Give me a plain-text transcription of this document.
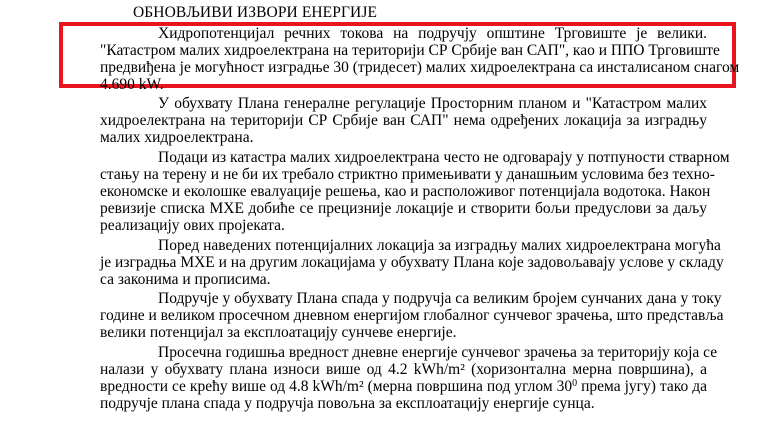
ОБНОВЉИВИ ИЗВОРИ ЕНЕРГИЈЕ
Хидропотенцијал речних токова на подручју општине Трговиште је велики.
"Катастром малих хидроелектрана на територији СР Србије ван САП", као и ППО Трговиште
предвиђена је могућност изградње 30 (тридесет) малих хидроелектрана са инсталисаном снагом
4.690 kW.
У обухвату Плана генералне регулације Просторним планом и "Катастром малих
хидроелектрана на територији СР Србије ван САП" нема одређених локација за изградњу
малих хидроелектрана.
Подаци из катастра малих хидроелектрана често не одговарају у потпуности стварном
стању на терену и не би их требало стриктно примењивати у данашњим условима без техно-
економске и еколошке евалуације решења, као и расположивог потенцијала водотока. Након
ревизије списка МХЕ добиће се прецизније локације и створити бољи предуслови за даљу
реализацију ових пројеката.
Поред наведених потенцијалних локација за изградњу малих хидроелектрана могућа
је изградња МХЕ и на другим локацијама у обухвату Плана које задовољавају услове у складу
са законима и прописима.
Подручје у обухвату Плана спада у подручја са великим бројем сунчаних дана у току
године и великом просечном дневном енергијом глобалног сунчевог зрачења, што представља
велики потенцијал за експлоатацију сунчеве енергије.
Просечна годишња вредност дневне енергије сунчевог зрачења за територију која се
налази у обухвату плана износи више од 4.2 kWh/m² (хоризонтална мерна површина), а
вредности се крећу више од 4.8 kWh/m² (мерна површина под углом $30^0$ према југу) тако да
подручје плана спада у подручја повољна за експлоатацију енергије сунца.
